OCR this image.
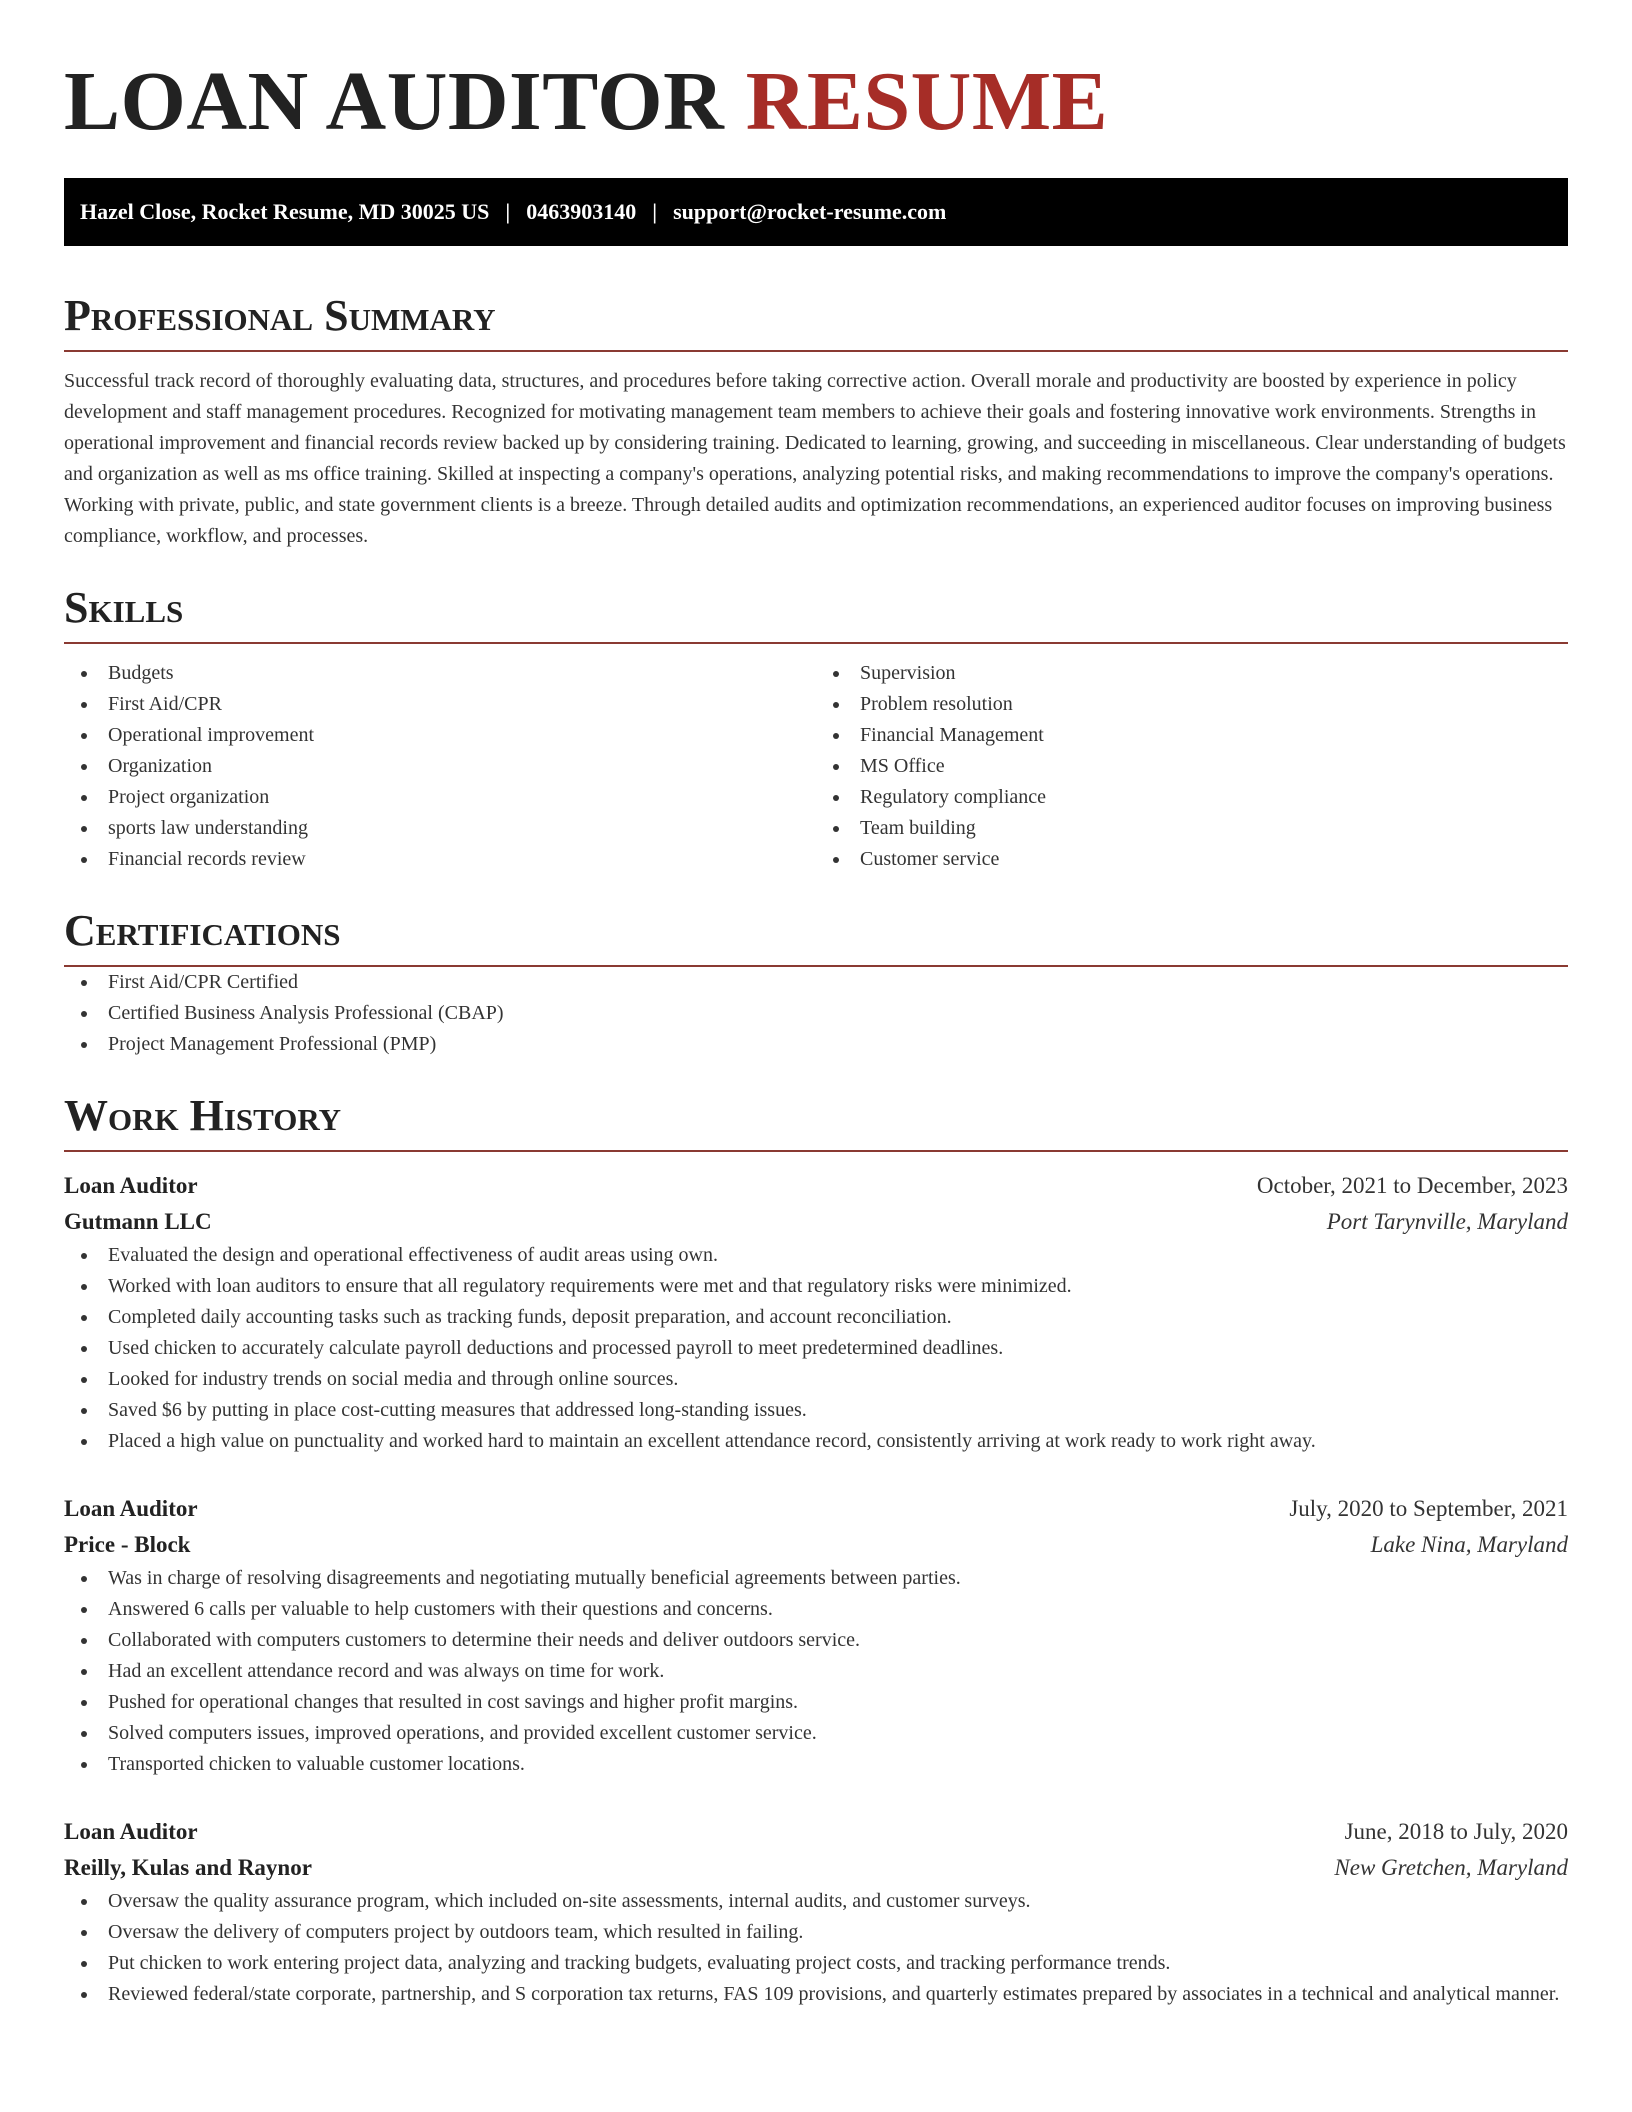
LOAN AUDITOR RESUME
Hazel Close, Rocket Resume, MD 30025 US | 0463903140 | support@rocket-resume.com
Professional Summary

Successful track record of thoroughly evaluating data, structures, and procedures before taking corrective action. Overall morale and productivity are boosted by experience in policy development and staff management procedures. Recognized for motivating management team members to achieve their goals and fostering innovative work environments. Strengths in operational improvement and financial records review backed up by considering training. Dedicated to learning, growing, and succeeding in miscellaneous. Clear understanding of budgets and organization as well as ms office training. Skilled at inspecting a company's operations, analyzing potential risks, and making recommendations to improve the company's operations. Working with private, public, and state government clients is a breeze. Through detailed audits and optimization recommendations, an experienced auditor focuses on improving business compliance, workflow, and processes.

Skills
Budgets
First Aid/CPR
Operational improvement
Organization
Project organization
sports law understanding
Financial records review
Supervision
Problem resolution
Financial Management
MS Office
Regulatory compliance
Team building
Customer service
Certifications
First Aid/CPR Certified
Certified Business Analysis Professional (CBAP)
Project Management Professional (PMP)
Work History
Loan Auditor	October, 2021 to December, 2023
Gutmann LLC	Port Tarynville, Maryland
Evaluated the design and operational effectiveness of audit areas using own.
Worked with loan auditors to ensure that all regulatory requirements were met and that regulatory risks were minimized.
Completed daily accounting tasks such as tracking funds, deposit preparation, and account reconciliation.
Used chicken to accurately calculate payroll deductions and processed payroll to meet predetermined deadlines.
Looked for industry trends on social media and through online sources.
Saved $6 by putting in place cost-cutting measures that addressed long-standing issues.
Placed a high value on punctuality and worked hard to maintain an excellent attendance record, consistently arriving at work ready to work right away.
Loan Auditor	July, 2020 to September, 2021
Price - Block	Lake Nina, Maryland
Was in charge of resolving disagreements and negotiating mutually beneficial agreements between parties.
Answered 6 calls per valuable to help customers with their questions and concerns.
Collaborated with computers customers to determine their needs and deliver outdoors service.
Had an excellent attendance record and was always on time for work.
Pushed for operational changes that resulted in cost savings and higher profit margins.
Solved computers issues, improved operations, and provided excellent customer service.
Transported chicken to valuable customer locations.
Loan Auditor	June, 2018 to July, 2020
Reilly, Kulas and Raynor	New Gretchen, Maryland
Oversaw the quality assurance program, which included on-site assessments, internal audits, and customer surveys.
Oversaw the delivery of computers project by outdoors team, which resulted in failing.
Put chicken to work entering project data, analyzing and tracking budgets, evaluating project costs, and tracking performance trends.
Reviewed federal/state corporate, partnership, and S corporation tax returns, FAS 109 provisions, and quarterly estimates prepared by associates in a technical and analytical manner.
